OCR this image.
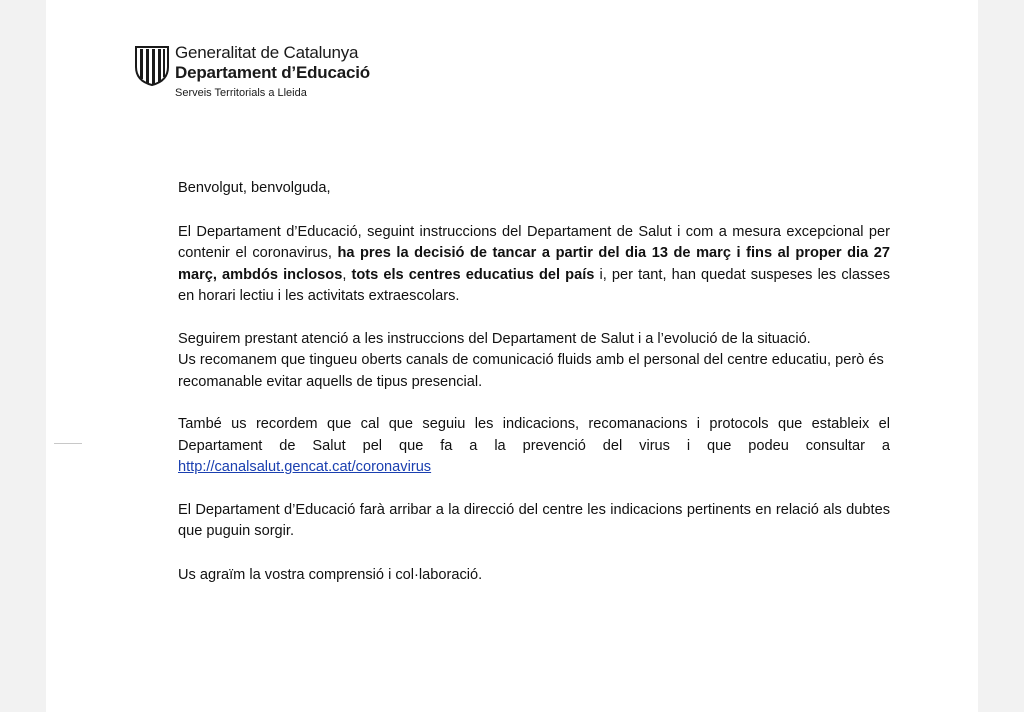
Generalitat de Catalunya
Departament d’Educació
Serveis Territorials a Lleida

Benvolgut, benvolguda,

El Departament d’Educació, seguint instruccions del Departament de Salut i com a mesura excepcional per contenir el coronavirus, ha pres la decisió de tancar a partir del dia 13 de març i fins al proper dia 27 març, ambdós inclosos, tots els centres educatius del país i, per tant, han quedat suspeses les classes en horari lectiu i les activitats extraescolars.

Seguirem prestant atenció a les instruccions del Departament de Salut i a l’evolució de la situació.
Us recomanem que tingueu oberts canals de comunicació fluids amb el personal del centre educatiu, però és recomanable evitar aquells de tipus presencial.

També us recordem que cal que seguiu les indicacions, recomanacions i protocols que estableix el Departament de Salut pel que fa a la prevenció del virus i que podeu consultar a http://canalsalut.gencat.cat/coronavirus

El Departament d’Educació farà arribar a la direcció del centre les indicacions pertinents en relació als dubtes que puguin sorgir.

Us agraïm la vostra comprensió i col·laboració.
